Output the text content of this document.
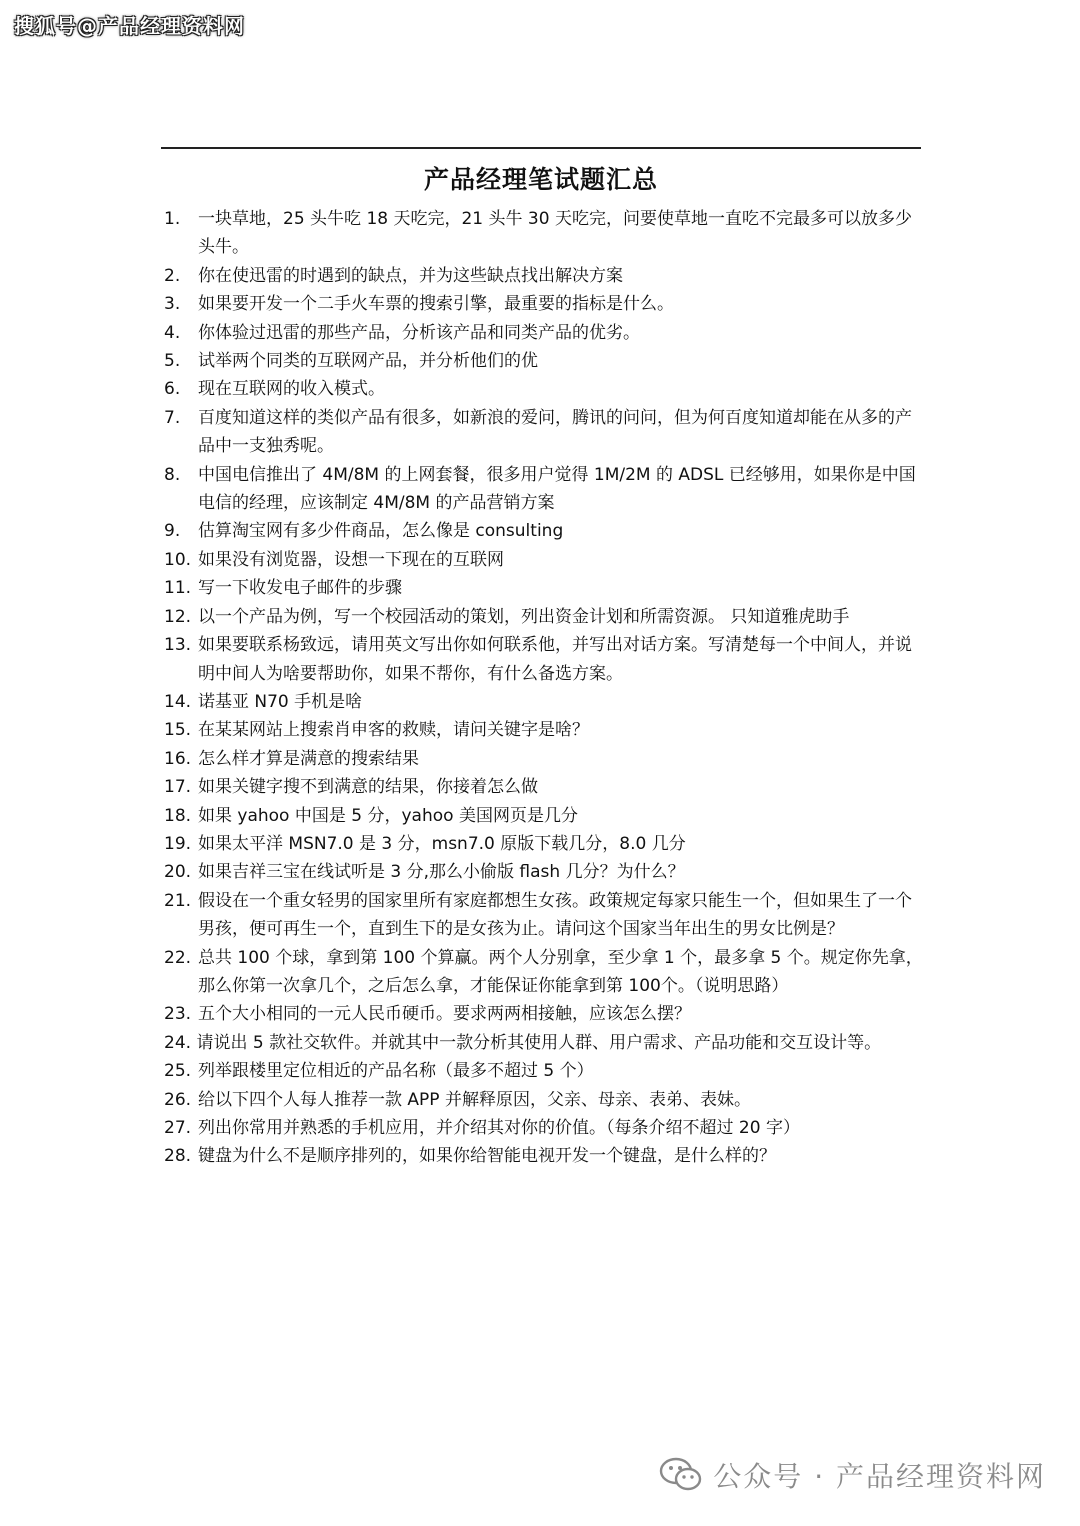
搜狐号@产品经理资料网
产品经理笔试题汇总
1.	一块草地，25 头牛吃 18 天吃完，21 头牛 30 天吃完，问要使草地一直吃不完最多可以放多少头牛。
2.	你在使迅雷的时遇到的缺点，并为这些缺点找出解决方案
3.	如果要开发一个二手火车票的搜索引擎，最重要的指标是什么。
4.	你体验过迅雷的那些产品，分析该产品和同类产品的优劣。
5.	试举两个同类的互联网产品，并分析他们的优
6.	现在互联网的收入模式。
7.	百度知道这样的类似产品有很多，如新浪的爱问，腾讯的问问，但为何百度知道却能在从多的产品中一支独秀呢。
8.	中国电信推出了 4M/8M 的上网套餐，很多用户觉得 1M/2M 的 ADSL 已经够用，如果你是中国电信的经理，应该制定 4M/8M 的产品营销方案
9.	估算淘宝网有多少件商品，怎么像是 consulting
10. 如果没有浏览器，设想一下现在的互联网
11. 写一下收发电子邮件的步骤
12. 以一个产品为例，写一个校园活动的策划，列出资金计划和所需资源。 只知道雅虎助手
13. 如果要联系杨致远，请用英文写出你如何联系他，并写出对话方案。写清楚每一个中间人，并说明中间人为啥要帮助你，如果不帮你，有什么备选方案。
14. 诺基亚 N70 手机是啥
15. 在某某网站上搜索肖申客的救赎，请问关键字是啥？
16. 怎么样才算是满意的搜索结果
17. 如果关键字搜不到满意的结果，你接着怎么做
18. 如果 yahoo 中国是 5 分，yahoo 美国网页是几分
19. 如果太平洋 MSN7.0 是 3 分，msn7.0 原版下载几分，8.0 几分
20. 如果吉祥三宝在线试听是 3 分,那么小偷版 flash 几分？为什么？
21. 假设在一个重女轻男的国家里所有家庭都想生女孩。政策规定每家只能生一个，但如果生了一个男孩，便可再生一个，直到生下的是女孩为止。请问这个国家当年出生的男女比例是？
22. 总共 100 个球，拿到第 100 个算赢。两个人分别拿，至少拿 1 个，最多拿 5 个。规定你先拿，那么你第一次拿几个，之后怎么拿，才能保证你能拿到第 100个。（说明思路）
23. 五个大小相同的一元人民币硬币。要求两两相接触，应该怎么摆？
24. 请说出 5 款社交软件。并就其中一款分析其使用人群、用户需求、产品功能和交互设计等。
25. 列举跟楼里定位相近的产品名称（最多不超过 5 个）
26. 给以下四个人每人推荐一款 APP 并解释原因，父亲、母亲、表弟、表妹。
27. 列出你常用并熟悉的手机应用，并介绍其对你的价值。（每条介绍不超过 20 字）
28. 键盘为什么不是顺序排列的，如果你给智能电视开发一个键盘，是什么样的？
公众号 · 产品经理资料网
